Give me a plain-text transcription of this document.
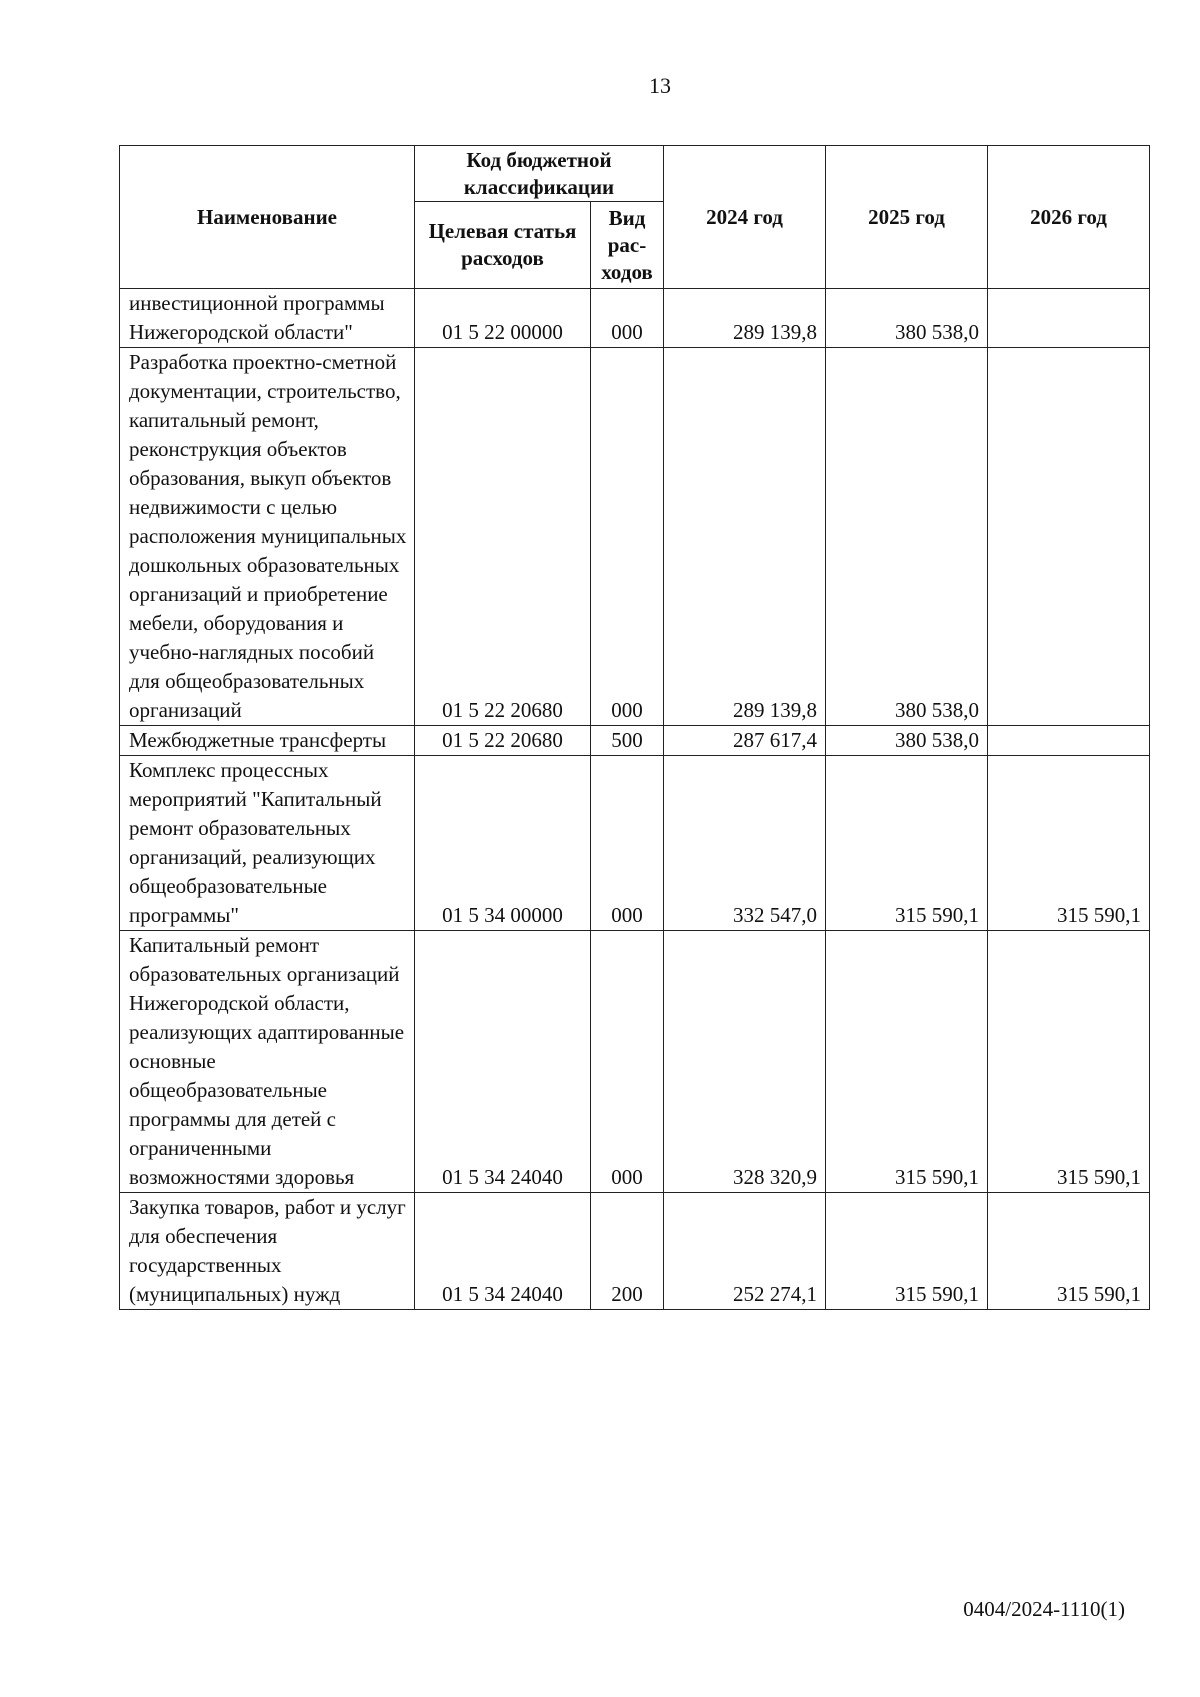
13
Наименование	Код бюджетной классификации		2024 год	2025 год	2026 год
	Целевая статья расходов	Вид рас-ходов			
инвестиционной программы Нижегородской области"	01 5 22 00000	000	289 139,8	380 538,0	
Разработка проектно-сметной документации, строительство, капитальный ремонт, реконструкция объектов образования, выкуп объектов недвижимости с целью расположения муниципальных дошкольных образовательных организаций и приобретение мебели, оборудования и учебно-наглядных пособий для общеобразовательных организаций	01 5 22 20680	000	289 139,8	380 538,0	
Межбюджетные трансферты	01 5 22 20680	500	287 617,4	380 538,0	
Комплекс процессных мероприятий "Капитальный ремонт образовательных организаций, реализующих общеобразовательные программы"	01 5 34 00000	000	332 547,0	315 590,1	315 590,1
Капитальный ремонт образовательных организаций Нижегородской области, реализующих адаптированные основные общеобразовательные программы для детей с ограниченными возможностями здоровья	01 5 34 24040	000	328 320,9	315 590,1	315 590,1
Закупка товаров, работ и услуг для обеспечения государственных (муниципальных) нужд	01 5 34 24040	200	252 274,1	315 590,1	315 590,1
0404/2024-1110(1)
